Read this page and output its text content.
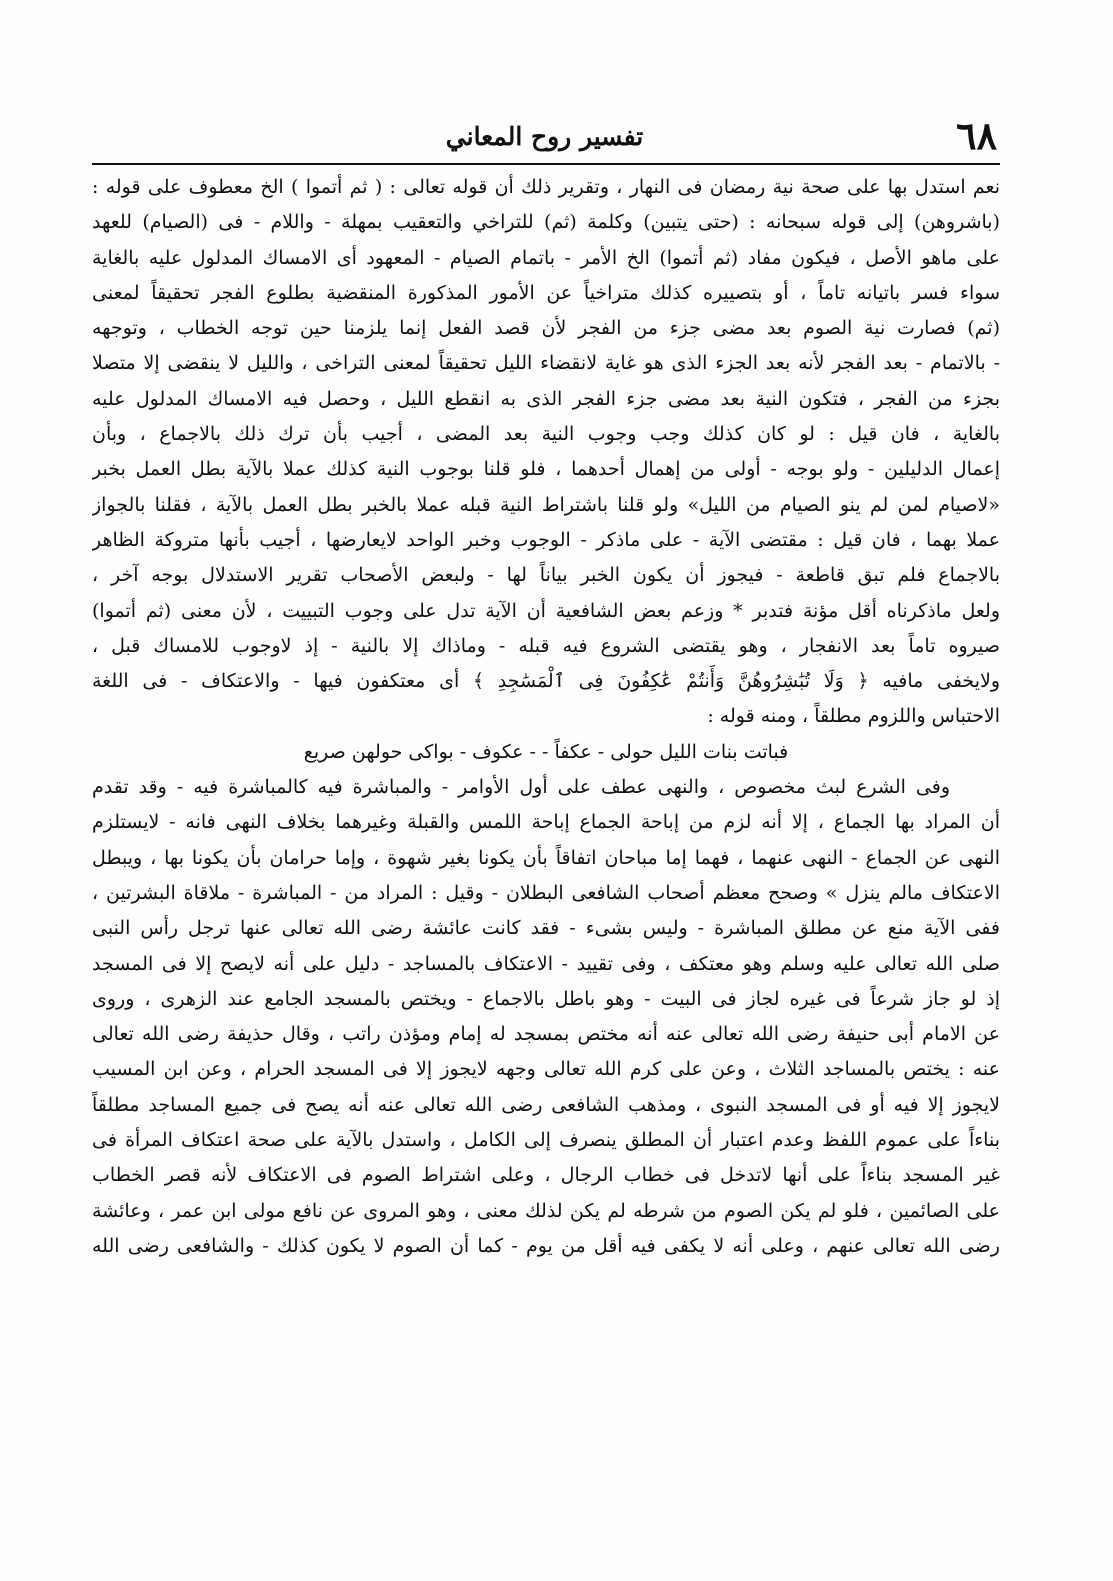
٦٨
تفسير روح المعاني
نعم استدل بها على صحة نية رمضان فى النهار ، وتقرير ذلك أن قوله تعالى : ( ثم أتموا ) الخ معطوف على قوله :
(باشروهن) إلى قوله سبحانه : (حتى يتبين) وكلمة (ثم) للتراخي والتعقيب بمهلة - واللام - فى (الصيام) للعهد
على ماهو الأصل ، فيكون مفاد (ثم أتموا) الخ الأمر - باتمام الصيام - المعهود أى الامساك المدلول عليه بالغاية
سواء فسر باتيانه تاماً ، أو بتصييره كذلك متراخياً عن الأمور المذكورة المنقضية بطلوع الفجر تحقيقاً لمعنى
(ثم) فصارت نية الصوم بعد مضى جزء من الفجر لأن قصد الفعل إنما يلزمنا حين توجه الخطاب ، وتوجهه
- بالاتمام - بعد الفجر لأنه بعد الجزء الذى هو غاية لانقضاء الليل تحقيقاً لمعنى التراخى ، والليل لا ينقضى إلا متصلا
بجزء من الفجر ، فتكون النية بعد مضى جزء الفجر الذى به انقطع الليل ، وحصل فيه الامساك المدلول عليه
بالغاية ، فان قيل : لو كان كذلك وجب وجوب النية بعد المضى ، أجيب بأن ترك ذلك بالاجماع ، وبأن
إعمال الدليلين - ولو بوجه - أولى من إهمال أحدهما ، فلو قلنا بوجوب النية كذلك عملا بالآية بطل العمل بخبر
«لاصيام لمن لم ينو الصيام من الليل» ولو قلنا باشتراط النية قبله عملا بالخبر بطل العمل بالآية ، فقلنا بالجواز
عملا بهما ، فان قيل : مقتضى الآية - على ماذكر - الوجوب وخبر الواحد لايعارضها ، أجيب بأنها متروكة الظاهر
بالاجماع فلم تبق قاطعة - فيجوز أن يكون الخبر بياناً لها - ولبعض الأصحاب تقرير الاستدلال بوجه آخر ،
ولعل ماذكرناه أقل مؤنة فتدبر * وزعم بعض الشافعية أن الآية تدل على وجوب التبييت ، لأن معنى (ثم أتموا)
صيروه تاماً بعد الانفجار ، وهو يقتضى الشروع فيه قبله - وماذاك إلا بالنية - إذ لاوجوب للامساك قبل ،
ولايخفى مافيه ﴿ وَلَا تُبَٰشِرُوهُنَّ وَأَنتُمْ عَٰكِفُونَ فِى ٱلْمَسَٰجِدِ ﴾ أى معتكفون فيها - والاعتكاف - فى اللغة
الاحتباس واللزوم مطلقاً ، ومنه قوله :
فباتت بنات الليل حولى - عكفاً - - عكوف - بواكى حولهن صريع
وفى الشرع لبث مخصوص ، والنهى عطف على أول الأوامر - والمباشرة فيه كالمباشرة فيه - وقد تقدم
أن المراد بها الجماع ، إلا أنه لزم من إباحة الجماع إباحة اللمس والقبلة وغيرهما بخلاف النهى فانه - لايستلزم
النهى عن الجماع - النهى عنهما ، فهما إما مباحان اتفاقاً بأن يكونا بغير شهوة ، وإما حرامان بأن يكونا بها ، ويبطل
الاعتكاف مالم ينزل » وصحح معظم أصحاب الشافعى البطلان - وقيل : المراد من - المباشرة - ملاقاة البشرتين ،
ففى الآية منع عن مطلق المباشرة - وليس بشىء - فقد كانت عائشة رضى الله تعالى عنها ترجل رأس النبى
صلى الله تعالى عليه وسلم وهو معتكف ، وفى تقييد - الاعتكاف بالمساجد - دليل على أنه لايصح إلا فى المسجد
إذ لو جاز شرعاً فى غيره لجاز فى البيت - وهو باطل بالاجماع - ويختص بالمسجد الجامع عند الزهرى ، وروى
عن الامام أبى حنيفة رضى الله تعالى عنه أنه مختص بمسجد له إمام ومؤذن راتب ، وقال حذيفة رضى الله تعالى
عنه : يختص بالمساجد الثلاث ، وعن على كرم الله تعالى وجهه لايجوز إلا فى المسجد الحرام ، وعن ابن المسيب
لايجوز إلا فيه أو فى المسجد النبوى ، ومذهب الشافعى رضى الله تعالى عنه أنه يصح فى جميع المساجد مطلقاً
بناءاً على عموم اللفظ وعدم اعتبار أن المطلق ينصرف إلى الكامل ، واستدل بالآية على صحة اعتكاف المرأة فى
غير المسجد بناءاً على أنها لاتدخل فى خطاب الرجال ، وعلى اشتراط الصوم فى الاعتكاف لأنه قصر الخطاب
على الصائمين ، فلو لم يكن الصوم من شرطه لم يكن لذلك معنى ، وهو المروى عن نافع مولى ابن عمر ، وعائشة
رضى الله تعالى عنهم ، وعلى أنه لا يكفى فيه أقل من يوم - كما أن الصوم لا يكون كذلك - والشافعى رضى الله
